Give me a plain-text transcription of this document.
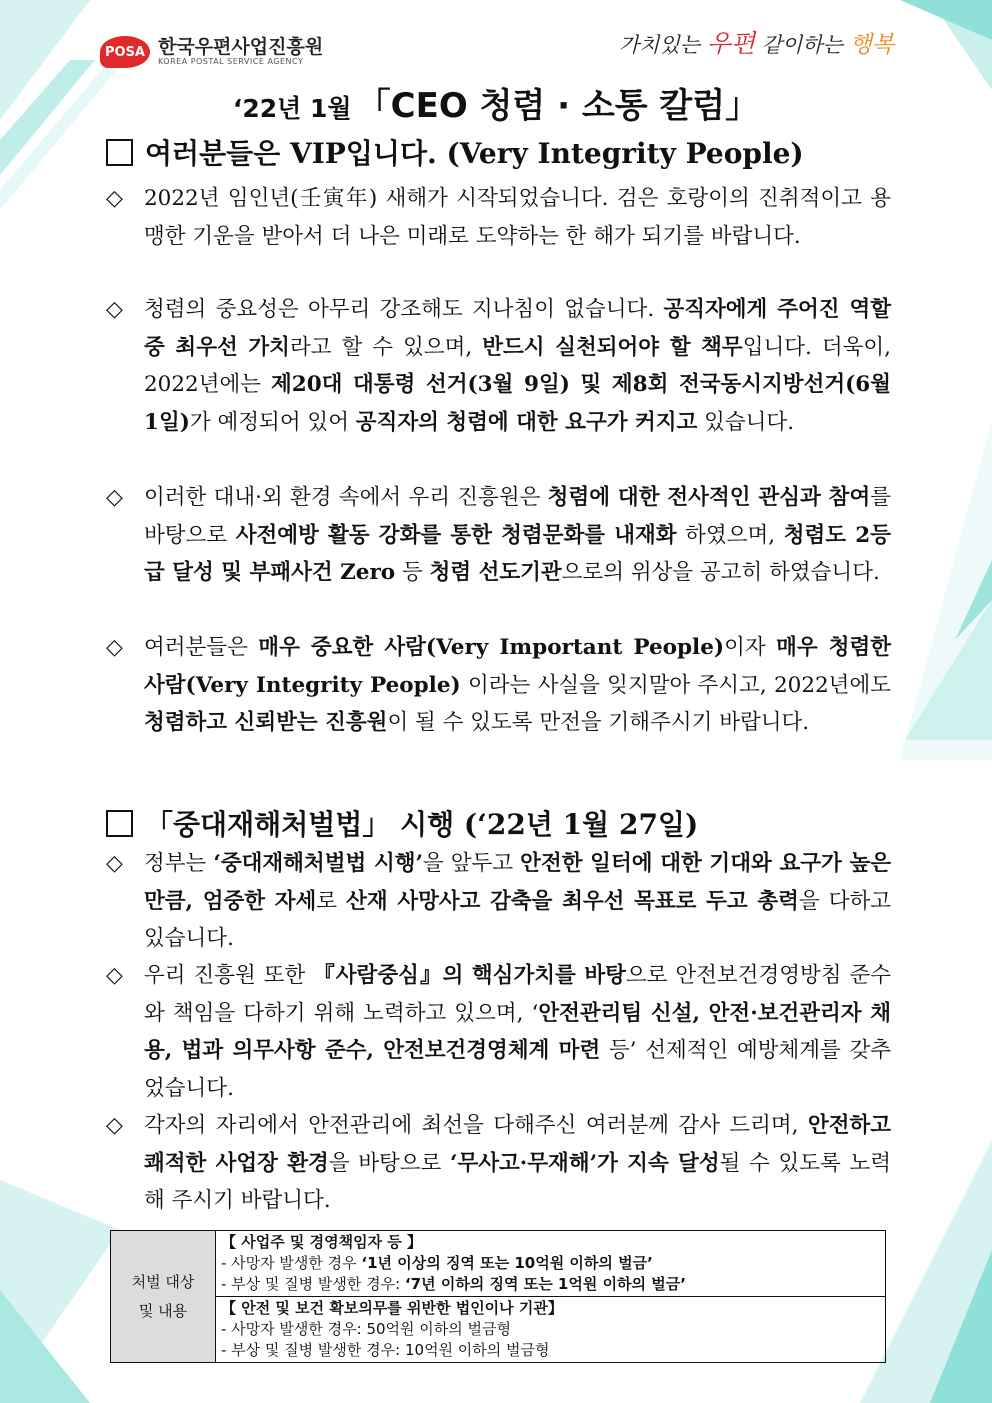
POSA 한국우편사업진흥원
KOREA POSTAL SERVICE AGENCY
가치있는 우편 같이하는 행복
‘22년 1월 「CEO 청렴 · 소통 칼럼」
여러분들은 VIP입니다. (Very Integrity People)
◇ 2022년 임인년(壬寅年) 새해가 시작되었습니다. 검은 호랑이의 진취적이고 용맹한 기운을 받아서 더 나은 미래로 도약하는 한 해가 되기를 바랍니다.
◇ 청렴의 중요성은 아무리 강조해도 지나침이 없습니다. 공직자에게 주어진 역할 중 최우선 가치라고 할 수 있으며, 반드시 실천되어야 할 책무입니다. 더욱이, 2022년에는 제20대 대통령 선거(3월 9일) 및 제8회 전국동시지방선거(6월 1일)가 예정되어 있어 공직자의 청렴에 대한 요구가 커지고 있습니다.
◇ 이러한 대내·외 환경 속에서 우리 진흥원은 청렴에 대한 전사적인 관심과 참여를 바탕으로 사전예방 활동 강화를 통한 청렴문화를 내재화 하였으며, 청렴도 2등급 달성 및 부패사건 Zero 등 청렴 선도기관으로의 위상을 공고히 하였습니다.
◇ 여러분들은 매우 중요한 사람(Very Important People)이자 매우 청렴한 사람(Very Integrity People) 이라는 사실을 잊지말아 주시고, 2022년에도 청렴하고 신뢰받는 진흥원이 될 수 있도록 만전을 기해주시기 바랍니다.
「중대재해처벌법」 시행 (‘22년 1월 27일)
◇ 정부는 ‘중대재해처벌법 시행’을 앞두고 안전한 일터에 대한 기대와 요구가 높은 만큼, 엄중한 자세로 산재 사망사고 감축을 최우선 목표로 두고 총력을 다하고 있습니다.
◇ 우리 진흥원 또한 『사람중심』의 핵심가치를 바탕으로 안전보건경영방침 준수와 책임을 다하기 위해 노력하고 있으며, ‘안전관리팀 신설, 안전·보건관리자 채용, 법과 의무사항 준수, 안전보건경영체계 마련 등’ 선제적인 예방체계를 갖추었습니다.
◇ 각자의 자리에서 안전관리에 최선을 다해주신 여러분께 감사 드리며, 안전하고 쾌적한 사업장 환경을 바탕으로 ‘무사고·무재해’가 지속 달성될 수 있도록 노력해 주시기 바랍니다.
처벌 대상
및 내용

【 사업주 및 경영책임자 등 】
- 사망자 발생한 경우 ‘1년 이상의 징역 또는 10억원 이하의 벌금’
- 부상 및 질병 발생한 경우: ‘7년 이하의 징역 또는 1억원 이하의 벌금’

【 안전 및 보건 확보의무를 위반한 법인이나 기관】
- 사망자 발생한 경우: 50억원 이하의 벌금형
- 부상 및 질병 발생한 경우: 10억원 이하의 벌금형
